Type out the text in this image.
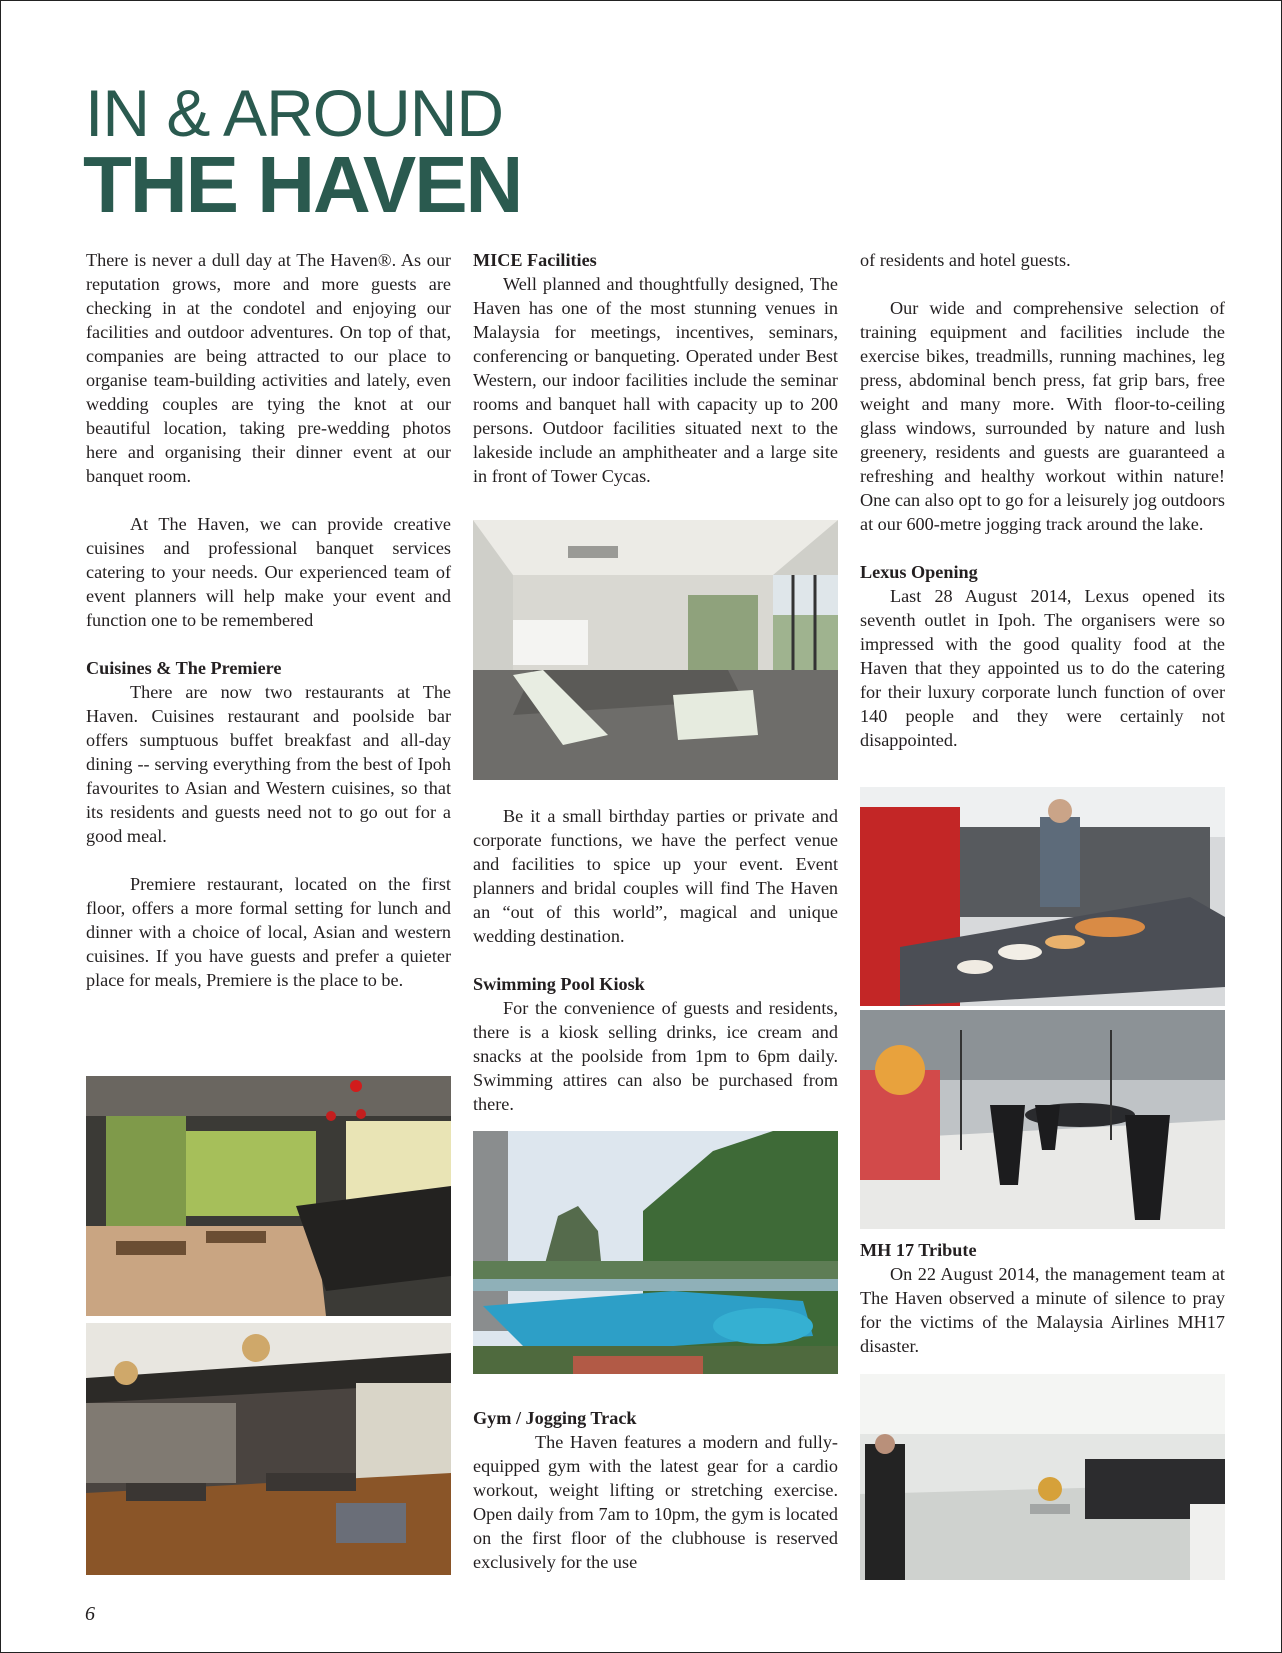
IN & AROUND
THE HAVEN

There is never a dull day at The Haven®. As our reputation grows, more and more guests are checking in at the condotel and enjoying our facilities and outdoor adventures. On top of that, companies are being attracted to our place to organise team-building activities and lately, even wedding couples are tying the knot at our beautiful location, taking pre-wedding photos here and organising their dinner event at our banquet room.

At The Haven, we can provide creative cuisines and professional banquet services catering to your needs. Our experienced team of event planners will help make your event and function one to be remembered

Cuisines & The Premiere

There are now two restaurants at The Haven. Cuisines restaurant and poolside bar offers sumptuous buffet breakfast and all-day dining -- serving everything from the best of Ipoh favourites to Asian and Western cuisines, so that its residents and guests need not to go out for a good meal.

Premiere restaurant, located on the first floor, offers a more formal setting for lunch and dinner with a choice of local, Asian and western cuisines. If you have guests and prefer a quieter place for meals, Premiere is the place to be.

MICE Facilities

Well planned and thoughtfully designed, The Haven has one of the most stunning venues in Malaysia for meetings, incentives, seminars, conferencing or banqueting. Operated under Best Western, our indoor facilities include the seminar rooms and banquet hall with capacity up to 200 persons. Outdoor facilities situated next to the lakeside include an amphitheater and a large site in front of Tower Cycas.

Be it a small birthday parties or private and corporate functions, we have the perfect venue and facilities to spice up your event. Event planners and bridal couples will find The Haven an “out of this world”, magical and unique wedding destination.

Swimming Pool Kiosk

For the convenience of guests and residents, there is a kiosk selling drinks, ice cream and snacks at the poolside from 1pm to 6pm daily. Swimming attires can also be purchased from there.

Gym / Jogging Track

The Haven features a modern and fully-equipped gym with the latest gear for a cardio workout, weight lifting or stretching exercise. Open daily from 7am to 10pm, the gym is located on the first floor of the clubhouse is reserved exclusively for the use

of residents and hotel guests.

Our wide and comprehensive selection of training equipment and facilities include the exercise bikes, treadmills, running machines, leg press, abdominal bench press, fat grip bars, free weight and many more. With floor-to-ceiling glass windows, surrounded by nature and lush greenery, residents and guests are guaranteed a refreshing and healthy workout within nature! One can also opt to go for a leisurely jog outdoors at our 600-metre jogging track around the lake.

Lexus Opening

Last 28 August 2014, Lexus opened its seventh outlet in Ipoh. The organisers were so impressed with the good quality food at the Haven that they appointed us to do the catering for their luxury corporate lunch function of over 140 people and they were certainly not disappointed.

MH 17 Tribute

On 22 August 2014, the management team at The Haven observed a minute of silence to pray for the victims of the Malaysia Airlines MH17 disaster.

6
